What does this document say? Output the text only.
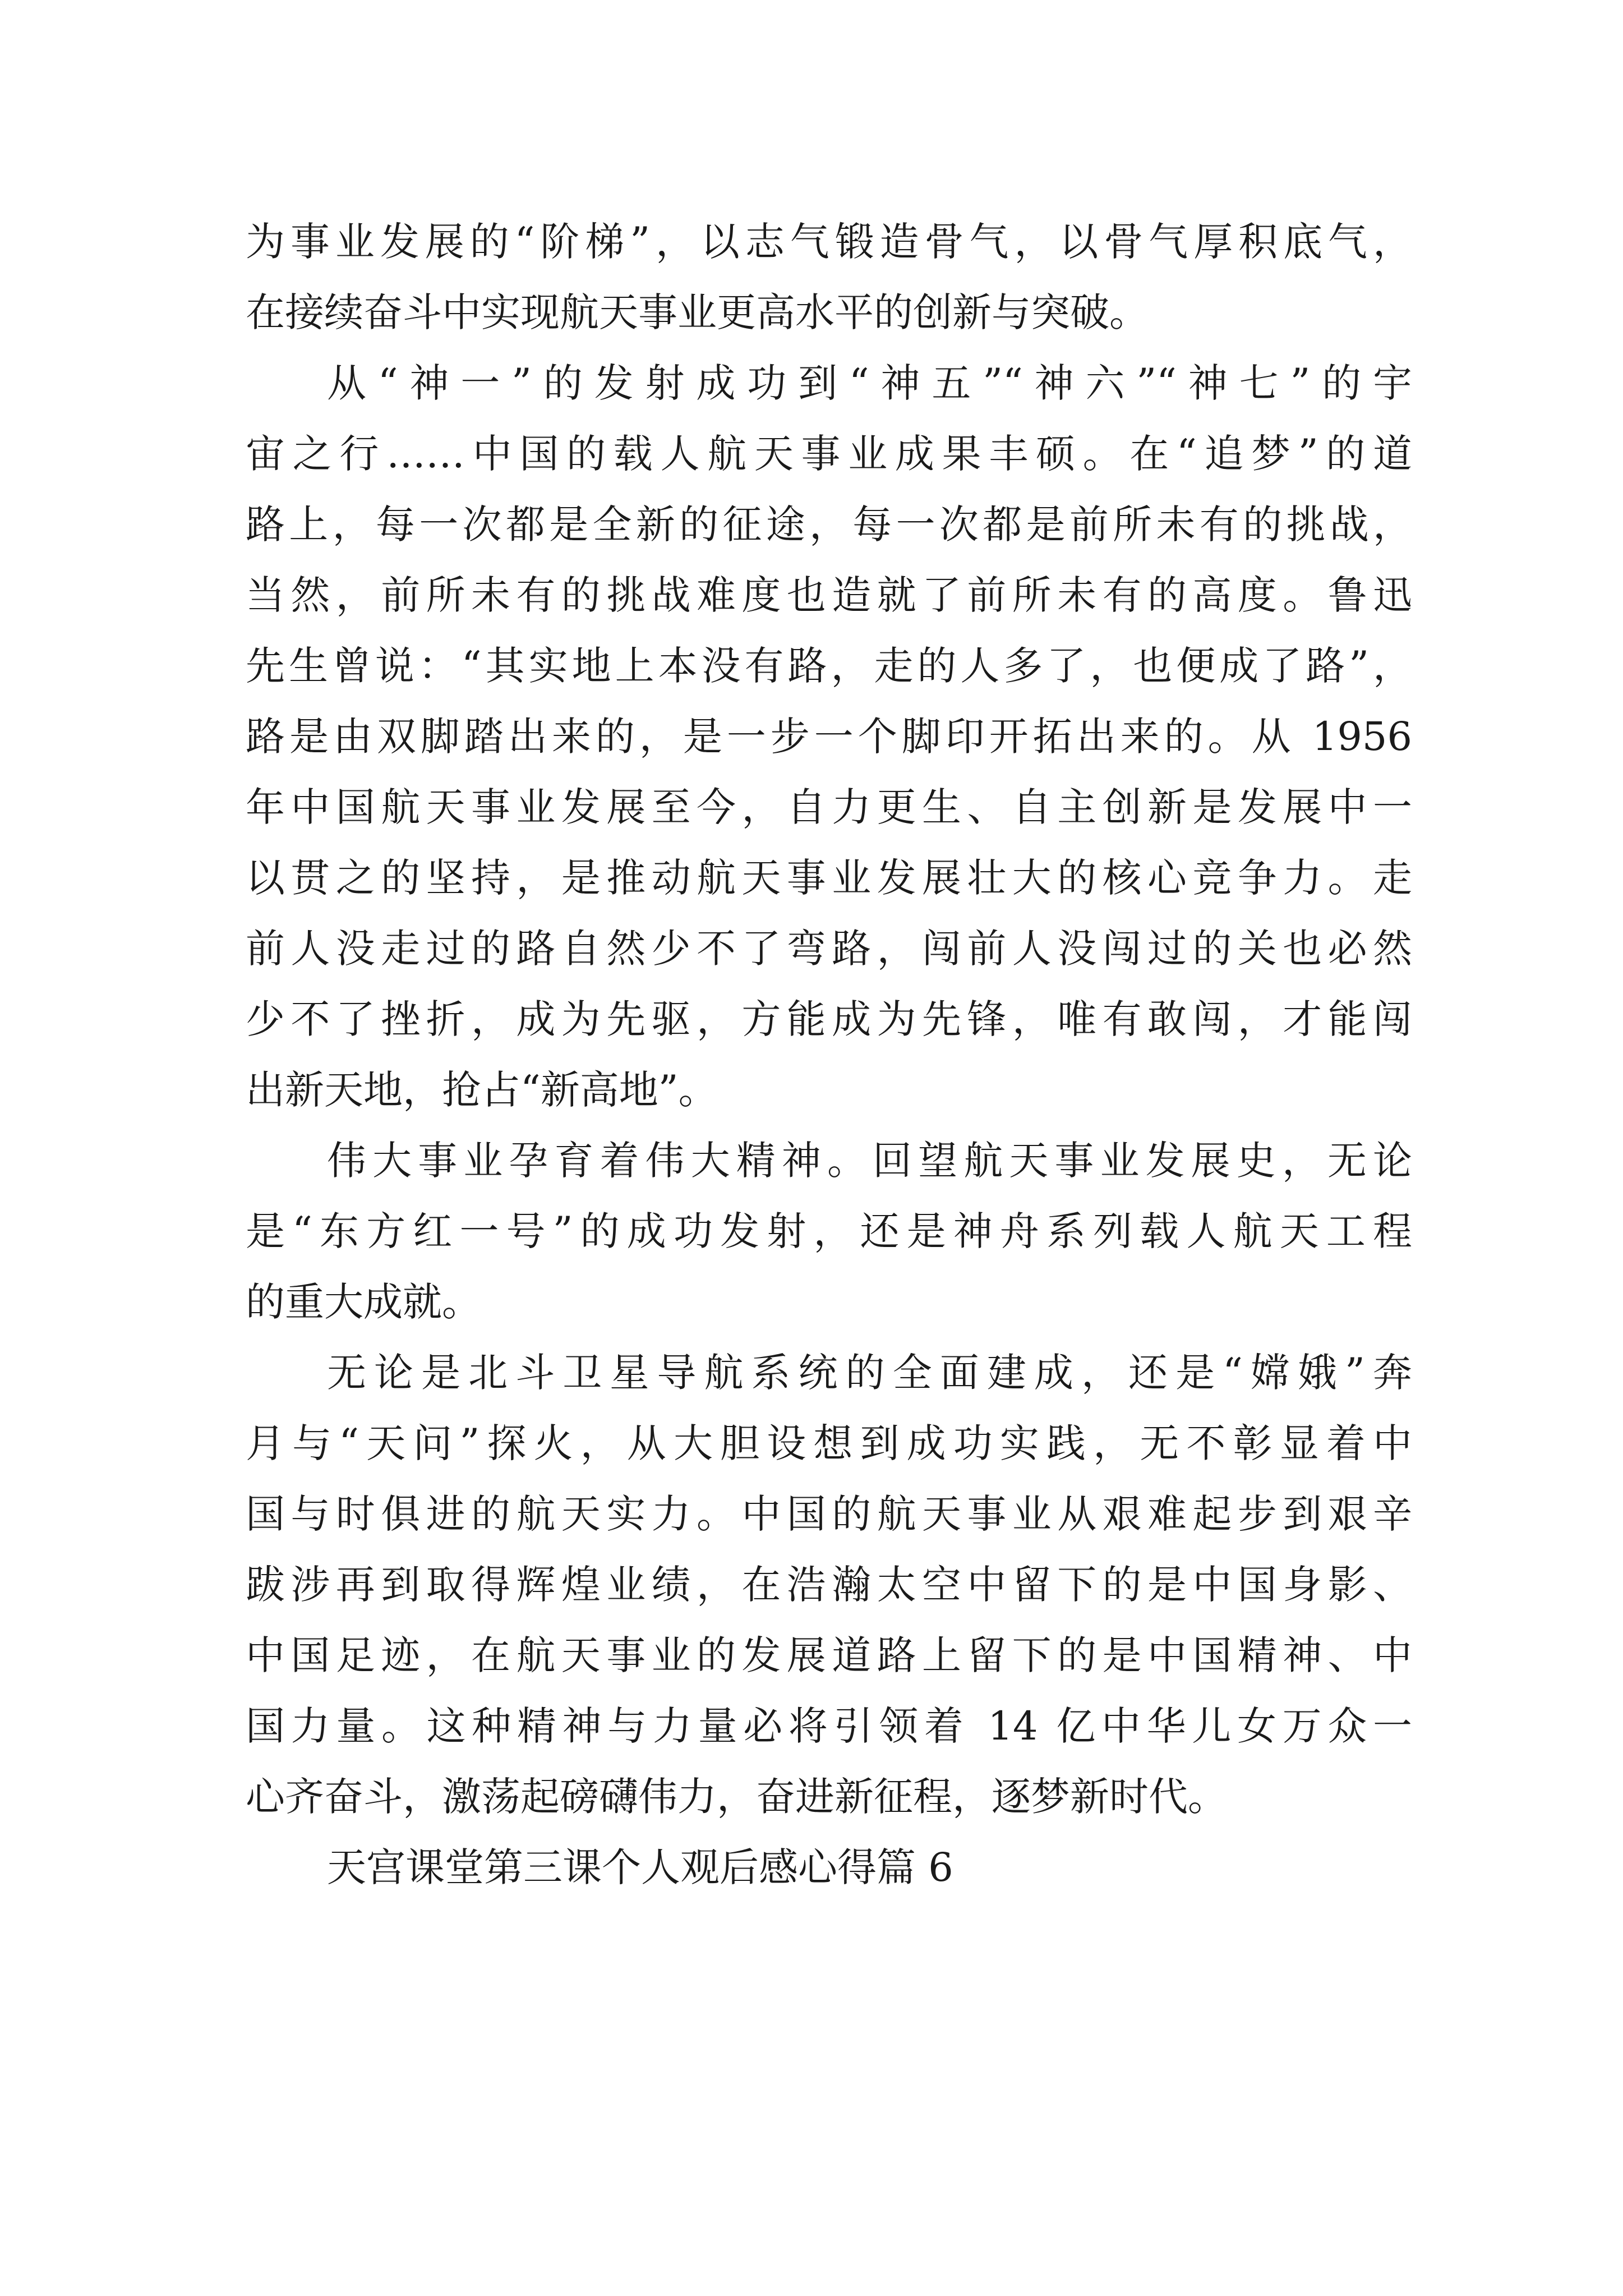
为事业发展的“阶梯”，以志气锻造骨气，以骨气厚积底气，
在接续奋斗中实现航天事业更高水平的创新与突破。

从“神一”的发射成功到“神五”“神六”“神七”的宇
宙之行……中国的载人航天事业成果丰硕。在“追梦”的道
路上，每一次都是全新的征途，每一次都是前所未有的挑战，
当然，前所未有的挑战难度也造就了前所未有的高度。鲁迅
先生曾说：“其实地上本没有路，走的人多了，也便成了路”，
路是由双脚踏出来的，是一步一个脚印开拓出来的。从 1956
年中国航天事业发展至今，自力更生、自主创新是发展中一
以贯之的坚持，是推动航天事业发展壮大的核心竞争力。走
前人没走过的路自然少不了弯路，闯前人没闯过的关也必然
少不了挫折，成为先驱，方能成为先锋，唯有敢闯，才能闯
出新天地，抢占“新高地”。

伟大事业孕育着伟大精神。回望航天事业发展史，无论
是“东方红一号”的成功发射，还是神舟系列载人航天工程
的重大成就。

无论是北斗卫星导航系统的全面建成，还是“嫦娥”奔
月与“天问”探火，从大胆设想到成功实践，无不彰显着中
国与时俱进的航天实力。中国的航天事业从艰难起步到艰辛
跋涉再到取得辉煌业绩，在浩瀚太空中留下的是中国身影、
中国足迹，在航天事业的发展道路上留下的是中国精神、中
国力量。这种精神与力量必将引领着 14 亿中华儿女万众一
心齐奋斗，激荡起磅礴伟力，奋进新征程，逐梦新时代。

天宫课堂第三课个人观后感心得篇 6
